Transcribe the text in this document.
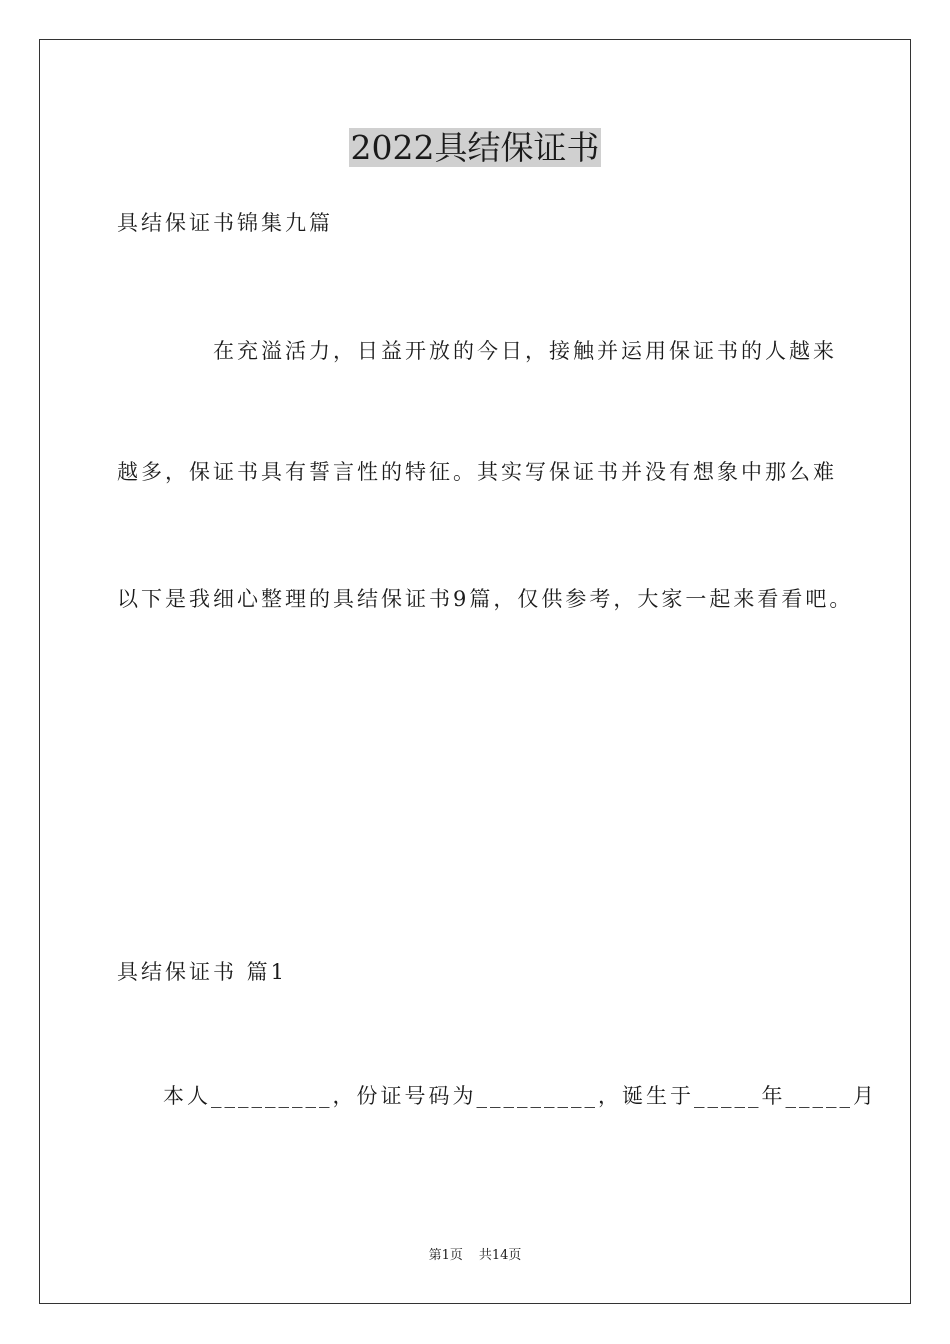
2022具结保证书
具结保证书锦集九篇
在充溢活力，日益开放的今日，接触并运用保证书的人越来
越多，保证书具有誓言性的特征。其实写保证书并没有想象中那么难
以下是我细心整理的具结保证书9篇，仅供参考，大家一起来看看吧。
具结保证书 篇1
本人_________，份证号码为_________，诞生于_____年_____月
第1页 共14页
